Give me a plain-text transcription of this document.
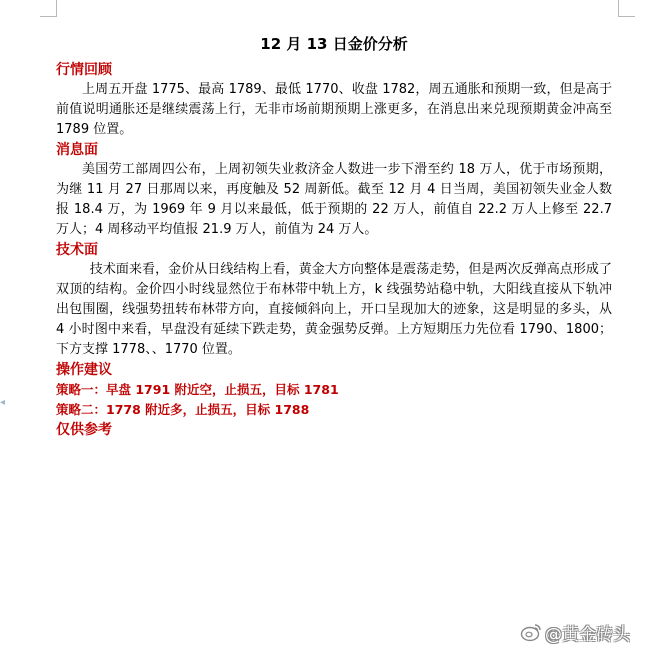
◂
12 月 13 日金价分析
行情回顾

上周五开盘 1775、最高 1789、最低 1770、收盘 1782，周五通胀和预期一致，但是高于前值说明通胀还是继续震荡上行，无非市场前期预期上涨更多，在消息出来兑现预期黄金冲高至 1789 位置。

消息面

美国劳工部周四公布，上周初领失业救济金人数进一步下滑至约 18 万人，优于市场预期，为继 11 月 27 日那周以来，再度触及 52 周新低。截至 12 月 4 日当周，美国初领失业金人数报 18.4 万，为 1969 年 9 月以来最低，低于预期的 22 万人，前值自 22.2 万人上修至 22.7 万人；4 周移动平均值报 21.9 万人，前值为 24 万人。

技术面

技术面来看，金价从日线结构上看，黄金大方向整体是震荡走势，但是两次反弹高点形成了双顶的结构。金价四小时线显然位于布林带中轨上方，k 线强势站稳中轨，大阳线直接从下轨冲出包围圈，线强势扭转布林带方向，直接倾斜向上，开口呈现加大的迹象，这是明显的多头，从 4 小时图中来看，早盘没有延续下跌走势，黄金强势反弹。上方短期压力先位看 1790、1800；下方支撑 1778、、1770 位置。

操作建议
策略一：早盘 1791 附近空，止损五，目标 1781
策略二：1778 附近多，止损五，目标 1788
仅供参考
@黄金砖头
